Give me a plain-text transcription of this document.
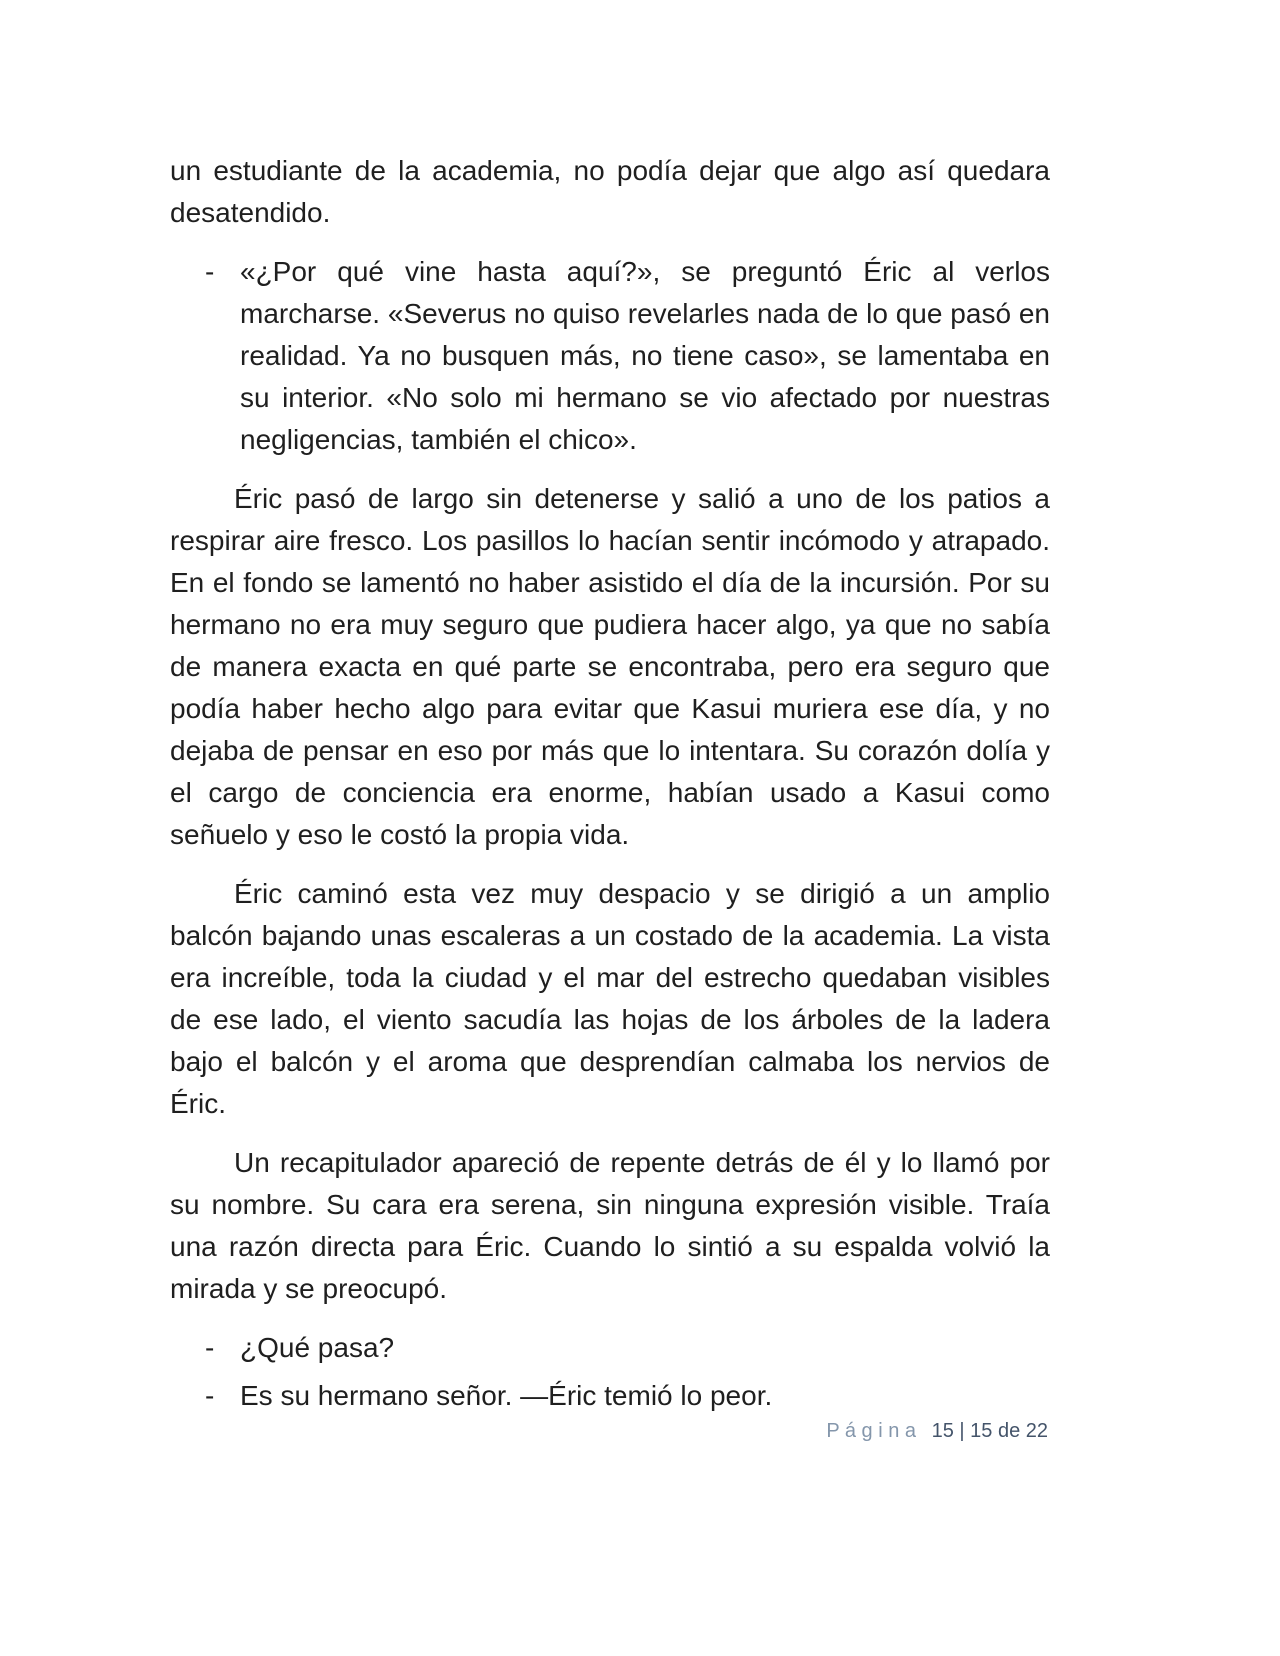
un estudiante de la academia, no podía dejar que algo así quedara desatendido.

- «¿Por qué vine hasta aquí?», se preguntó Éric al verlos marcharse. «Severus no quiso revelarles nada de lo que pasó en realidad. Ya no busquen más, no tiene caso», se lamentaba en su interior. «No solo mi hermano se vio afectado por nuestras negligencias, también el chico».

Éric pasó de largo sin detenerse y salió a uno de los patios a respirar aire fresco. Los pasillos lo hacían sentir incómodo y atrapado. En el fondo se lamentó no haber asistido el día de la incursión. Por su hermano no era muy seguro que pudiera hacer algo, ya que no sabía de manera exacta en qué parte se encontraba, pero era seguro que podía haber hecho algo para evitar que Kasui muriera ese día, y no dejaba de pensar en eso por más que lo intentara. Su corazón dolía y el cargo de conciencia era enorme, habían usado a Kasui como señuelo y eso le costó la propia vida.

Éric caminó esta vez muy despacio y se dirigió a un amplio balcón bajando unas escaleras a un costado de la academia. La vista era increíble, toda la ciudad y el mar del estrecho quedaban visibles de ese lado, el viento sacudía las hojas de los árboles de la ladera bajo el balcón y el aroma que desprendían calmaba los nervios de Éric.

Un recapitulador apareció de repente detrás de él y lo llamó por su nombre. Su cara era serena, sin ninguna expresión visible. Traía una razón directa para Éric. Cuando lo sintió a su espalda volvió la mirada y se preocupó.

- ¿Qué pasa?

- Es su hermano señor. —Éric temió lo peor.

P á g i n a 15 | 15 de 22
